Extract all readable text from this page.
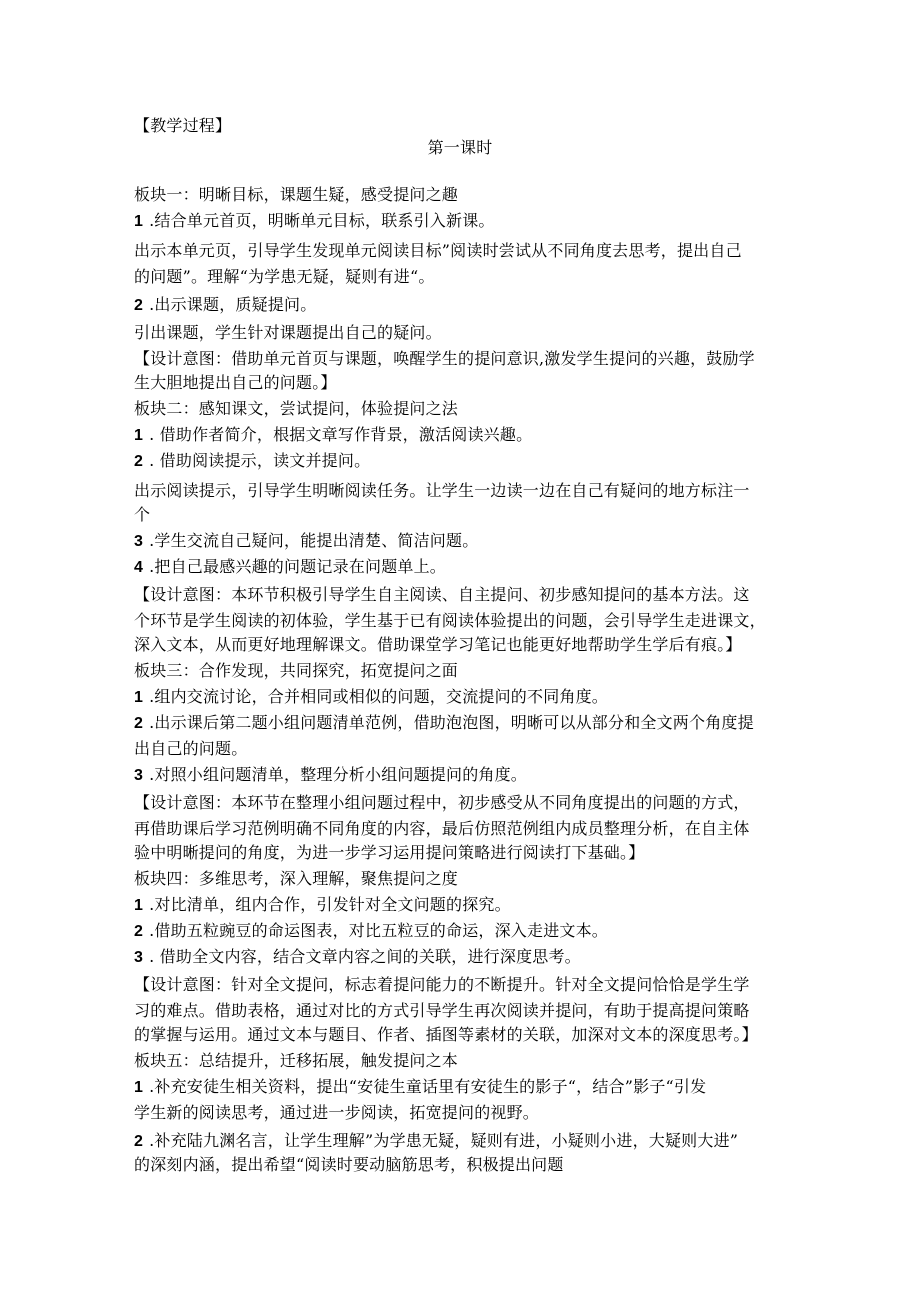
【教学过程】
第一课时
板块一：明晰目标，课题生疑，感受提问之趣
1 .结合单元首页，明晰单元目标，联系引入新课。
出示本单元页，引导学生发现单元阅读目标”阅读时尝试从不同角度去思考，提出自己
的问题”。理解“为学患无疑，疑则有进“。
2 .出示课题，质疑提问。
引出课题，学生针对课题提出自己的疑问。
【设计意图：借助单元首页与课题，唤醒学生的提问意识,激发学生提问的兴趣，鼓励学
生大胆地提出自己的问题。】
板块二：感知课文，尝试提问，体验提问之法
1 . 借助作者简介，根据文章写作背景，激活阅读兴趣。
2 . 借助阅读提示，读文并提问。
出示阅读提示，引导学生明晰阅读任务。让学生一边读一边在自己有疑问的地方标注一
个
3 .学生交流自己疑问，能提出清楚、简洁问题。
4 .把自己最感兴趣的问题记录在问题单上。
【设计意图：本环节积极引导学生自主阅读、自主提问、初步感知提问的基本方法。这
个环节是学生阅读的初体验，学生基于已有阅读体验提出的问题，会引导学生走进课文，
深入文本，从而更好地理解课文。借助课堂学习笔记也能更好地帮助学生学后有痕。】
板块三：合作发现，共同探究，拓宽提问之面
1 .组内交流讨论，合并相同或相似的问题，交流提问的不同角度。
2 .出示课后第二题小组问题清单范例，借助泡泡图，明晰可以从部分和全文两个角度提
出自己的问题。
3 .对照小组问题清单，整理分析小组问题提问的角度。
【设计意图：本环节在整理小组问题过程中，初步感受从不同角度提出的问题的方式，
再借助课后学习范例明确不同角度的内容，最后仿照范例组内成员整理分析，在自主体
验中明晰提问的角度，为进一步学习运用提问策略进行阅读打下基础。】
板块四：多维思考，深入理解，聚焦提问之度
1 .对比清单，组内合作，引发针对全文问题的探究。
2 .借助五粒豌豆的命运图表，对比五粒豆的命运，深入走进文本。
3 . 借助全文内容，结合文章内容之间的关联，进行深度思考。
【设计意图：针对全文提问，标志着提问能力的不断提升。针对全文提问恰恰是学生学
习的难点。借助表格，通过对比的方式引导学生再次阅读并提问，有助于提高提问策略
的掌握与运用。通过文本与题目、作者、插图等素材的关联，加深对文本的深度思考。】
板块五：总结提升，迁移拓展，触发提问之本
1 .补充安徒生相关资料，提出“安徒生童话里有安徒生的影子“，结合”影子“引发
学生新的阅读思考，通过进一步阅读，拓宽提问的视野。
2 .补充陆九渊名言，让学生理解”为学患无疑，疑则有进，小疑则小进，大疑则大进”
的深刻内涵，提出希望“阅读时要动脑筋思考，积极提出问题
